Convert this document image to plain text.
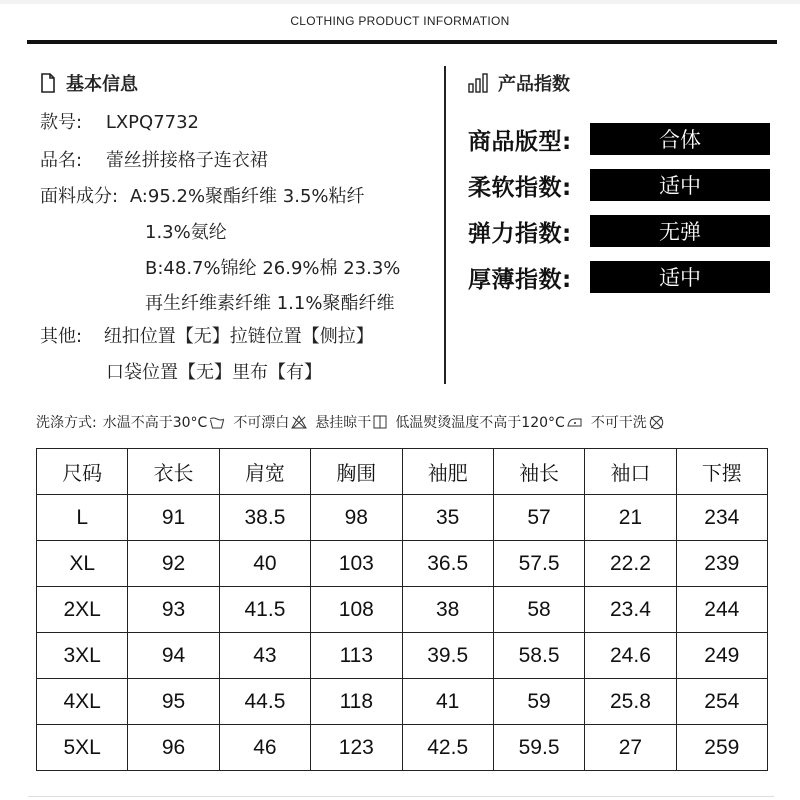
CLOTHING PRODUCT INFORMATION
基本信息
款号: LXPQ7732
品名: 蕾丝拼接格子连衣裙
面料成分: A:95.2%聚酯纤维 3.5%粘纤
1.3%氨纶
B:48.7%锦纶 26.9%棉 23.3%
再生纤维素纤维 1.1%聚酯纤维
其他: 纽扣位置【无】拉链位置【侧拉】
口袋位置【无】里布【有】
产品指数
商品版型:	合体
柔软指数:	适中
弹力指数:	无弹
厚薄指数:	适中
洗涤方式: 水温不高于30°C 不可漂白 悬挂晾干 低温熨烫温度不高于120°C 不可干洗
尺码	衣长	肩宽	胸围	袖肥	袖长	袖口	下摆
L	91	38.5	98	35	57	21	234
XL	92	40	103	36.5	57.5	22.2	239
2XL	93	41.5	108	38	58	23.4	244
3XL	94	43	113	39.5	58.5	24.6	249
4XL	95	44.5	118	41	59	25.8	254
5XL	96	46	123	42.5	59.5	27	259
